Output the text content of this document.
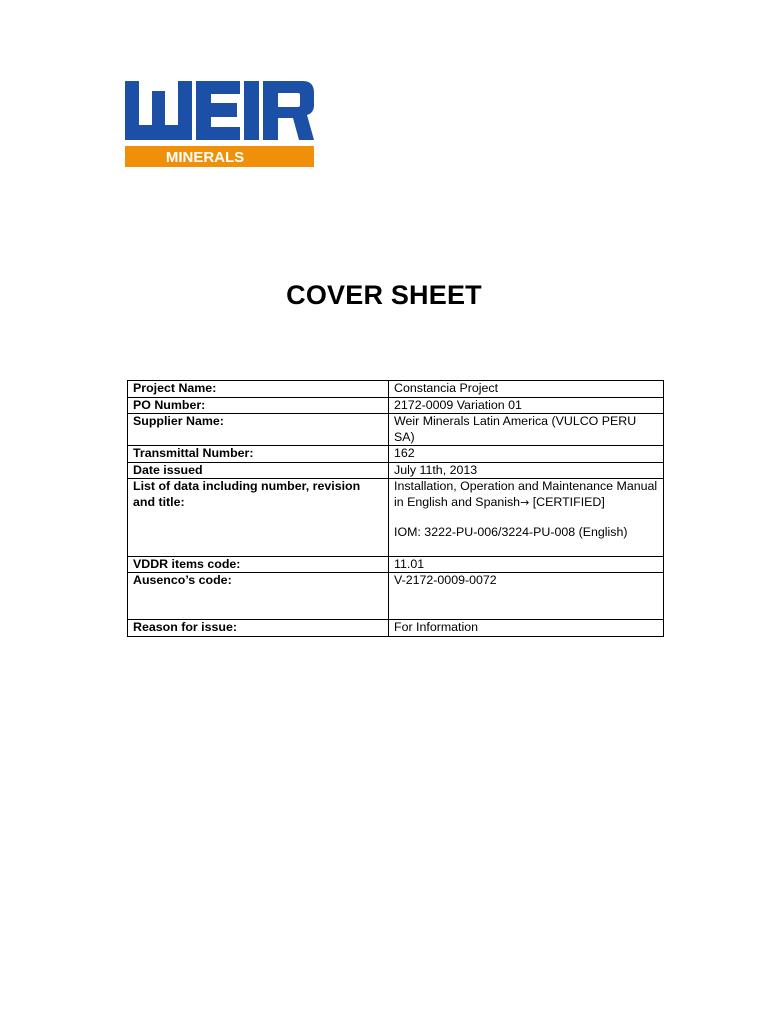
MINERALS
COVER SHEET
Project Name:	Constancia Project
PO Number:	2172-0009 Variation 01
Supplier Name:	Weir Minerals Latin America (VULCO PERU SA)
Transmittal Number:	162
Date issued	July 11th, 2013
List of data including number, revision and title:	Installation, Operation and Maintenance Manual in English and Spanish→ [CERTIFIED]
IOM: 3222-PU-006/3224-PU-008 (English)

VDDR items code:	11.01
Ausenco’s code:	V-2172-0009-0072
Reason for issue:	For Information
